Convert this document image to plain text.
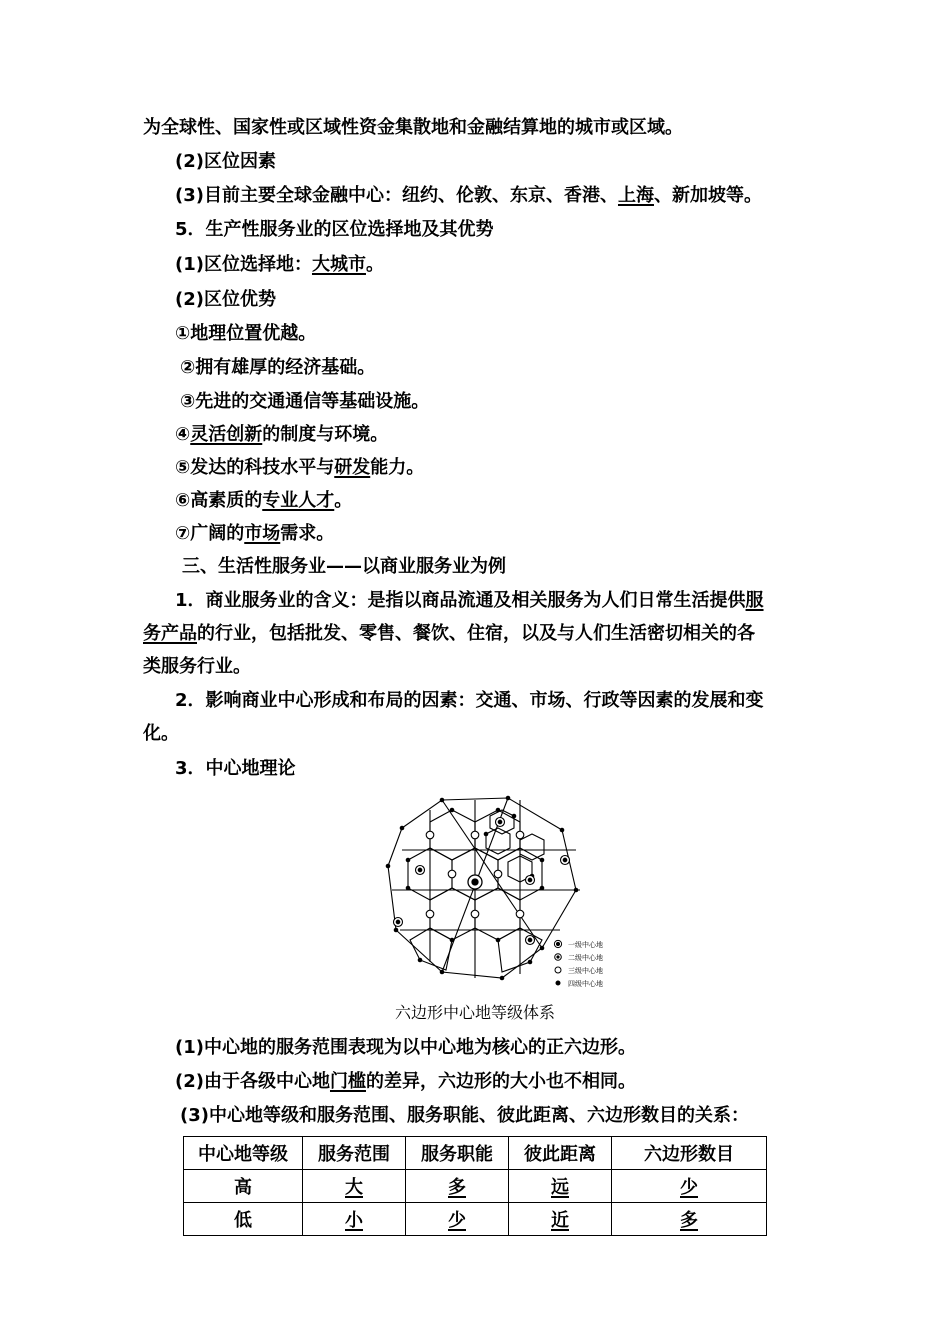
为全球性、国家性或区域性资金集散地和金融结算地的城市或区域。
(2)区位因素
(3)目前主要全球金融中心：纽约、伦敦、东京、香港、上海、新加坡等。
5．生产性服务业的区位选择地及其优势
(1)区位选择地：大城市。
(2)区位优势
①地理位置优越。
②拥有雄厚的经济基础。
③先进的交通通信等基础设施。
④灵活创新的制度与环境。
⑤发达的科技水平与研发能力。
⑥高素质的专业人才。
⑦广阔的市场需求。
三、生活性服务业——以商业服务业为例
1．商业服务业的含义：是指以商品流通及相关服务为人们日常生活提供服
务产品的行业，包括批发、零售、餐饮、住宿，以及与人们生活密切相关的各
类服务行业。
2．影响商业中心形成和布局的因素：交通、市场、行政等因素的发展和变
化。
3．中心地理论
一级中心地
二级中心地
三级中心地
四级中心地
六边形中心地等级体系
(1)中心地的服务范围表现为以中心地为核心的正六边形。
(2)由于各级中心地门槛的差异，六边形的大小也不相同。
(3)中心地等级和服务范围、服务职能、彼此距离、六边形数目的关系：
中心地等级	服务范围	服务职能	彼此距离	六边形数目
高	大	多	远	少
低	小	少	近	多
